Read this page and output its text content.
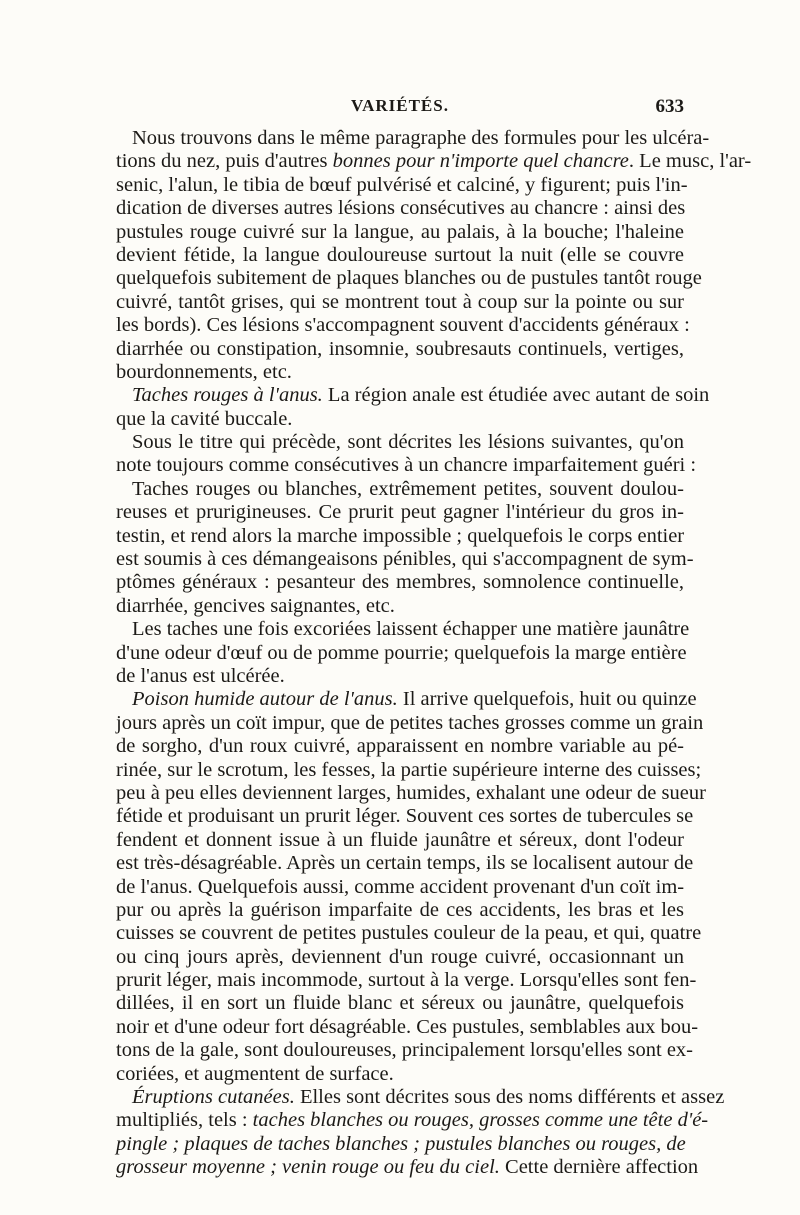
VARIÉTÉS.	633
Nous trouvons dans le même paragraphe des formules pour les ulcéra-
tions du nez, puis d'autres bonnes pour n'importe quel chancre. Le musc, l'ar-
senic, l'alun, le tibia de bœuf pulvérisé et calciné, y figurent; puis l'in-
dication de diverses autres lésions consécutives au chancre : ainsi des
pustules rouge cuivré sur la langue, au palais, à la bouche; l'haleine
devient fétide, la langue douloureuse surtout la nuit (elle se couvre
quelquefois subitement de plaques blanches ou de pustules tantôt rouge
cuivré, tantôt grises, qui se montrent tout à coup sur la pointe ou sur
les bords). Ces lésions s'accompagnent souvent d'accidents généraux :
diarrhée ou constipation, insomnie, soubresauts continuels, vertiges,
bourdonnements, etc.
Taches rouges à l'anus. La région anale est étudiée avec autant de soin
que la cavité buccale.
Sous le titre qui précède, sont décrites les lésions suivantes, qu'on
note toujours comme consécutives à un chancre imparfaitement guéri :
Taches rouges ou blanches, extrêmement petites, souvent doulou-
reuses et prurigineuses. Ce prurit peut gagner l'intérieur du gros in-
testin, et rend alors la marche impossible ; quelquefois le corps entier
est soumis à ces démangeaisons pénibles, qui s'accompagnent de sym-
ptômes généraux : pesanteur des membres, somnolence continuelle,
diarrhée, gencives saignantes, etc.
Les taches une fois excoriées laissent échapper une matière jaunâtre
d'une odeur d'œuf ou de pomme pourrie; quelquefois la marge entière
de l'anus est ulcérée.
Poison humide autour de l'anus. Il arrive quelquefois, huit ou quinze
jours après un coït impur, que de petites taches grosses comme un grain
de sorgho, d'un roux cuivré, apparaissent en nombre variable au pé-
rinée, sur le scrotum, les fesses, la partie supérieure interne des cuisses;
peu à peu elles deviennent larges, humides, exhalant une odeur de sueur
fétide et produisant un prurit léger. Souvent ces sortes de tubercules se
fendent et donnent issue à un fluide jaunâtre et séreux, dont l'odeur
est très-désagréable. Après un certain temps, ils se localisent autour de
de l'anus. Quelquefois aussi, comme accident provenant d'un coït im-
pur ou après la guérison imparfaite de ces accidents, les bras et les
cuisses se couvrent de petites pustules couleur de la peau, et qui, quatre
ou cinq jours après, deviennent d'un rouge cuivré, occasionnant un
prurit léger, mais incommode, surtout à la verge. Lorsqu'elles sont fen-
dillées, il en sort un fluide blanc et séreux ou jaunâtre, quelquefois
noir et d'une odeur fort désagréable. Ces pustules, semblables aux bou-
tons de la gale, sont douloureuses, principalement lorsqu'elles sont ex-
coriées, et augmentent de surface.
Éruptions cutanées. Elles sont décrites sous des noms différents et assez
multipliés, tels : taches blanches ou rouges, grosses comme une tête d'é-
pingle ; plaques de taches blanches ; pustules blanches ou rouges, de
grosseur moyenne ; venin rouge ou feu du ciel. Cette dernière affection
